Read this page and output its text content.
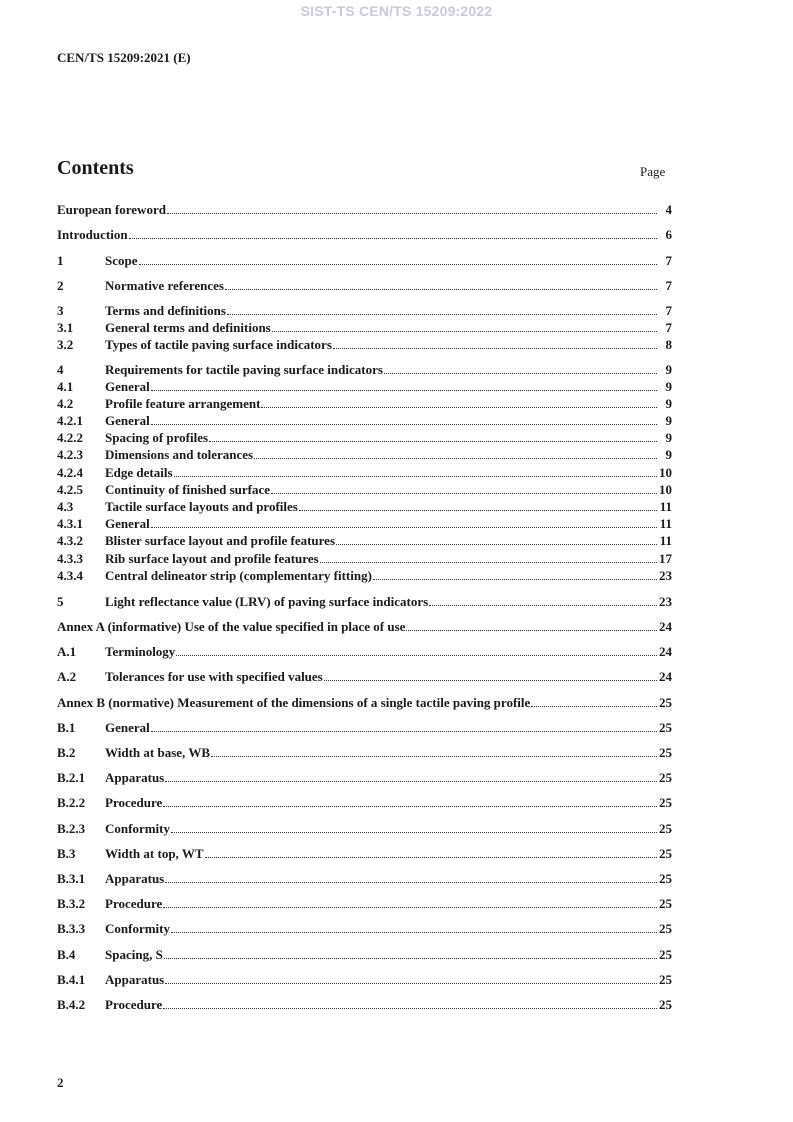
SIST-TS CEN/TS 15209:2022
CEN/TS 15209:2021 (E)
Contents	Page
European foreword	4
Introduction	6
1	Scope	7
2	Normative references	7
3	Terms and definitions	7
3.1	General terms and definitions	7
3.2	Types of tactile paving surface indicators	8
4	Requirements for tactile paving surface indicators	9
4.1	General	9
4.2	Profile feature arrangement	9
4.2.1	General	9
4.2.2	Spacing of profiles	9
4.2.3	Dimensions and tolerances	9
4.2.4	Edge details	10
4.2.5	Continuity of finished surface	10
4.3	Tactile surface layouts and profiles	11
4.3.1	General	11
4.3.2	Blister surface layout and profile features	11
4.3.3	Rib surface layout and profile features	17
4.3.4	Central delineator strip (complementary fitting)	23
5	Light reflectance value (LRV) of paving surface indicators	23
Annex A (informative) Use of the value specified in place of use	24
A.1	Terminology	24
A.2	Tolerances for use with specified values	24
Annex B (normative) Measurement of the dimensions of a single tactile paving profile	25
B.1	General	25
B.2	Width at base, WB	25
B.2.1	Apparatus	25
B.2.2	Procedure	25
B.2.3	Conformity	25
B.3	Width at top, WT	25
B.3.1	Apparatus	25
B.3.2	Procedure	25
B.3.3	Conformity	25
B.4	Spacing, S	25
B.4.1	Apparatus	25
B.4.2	Procedure	25
2
